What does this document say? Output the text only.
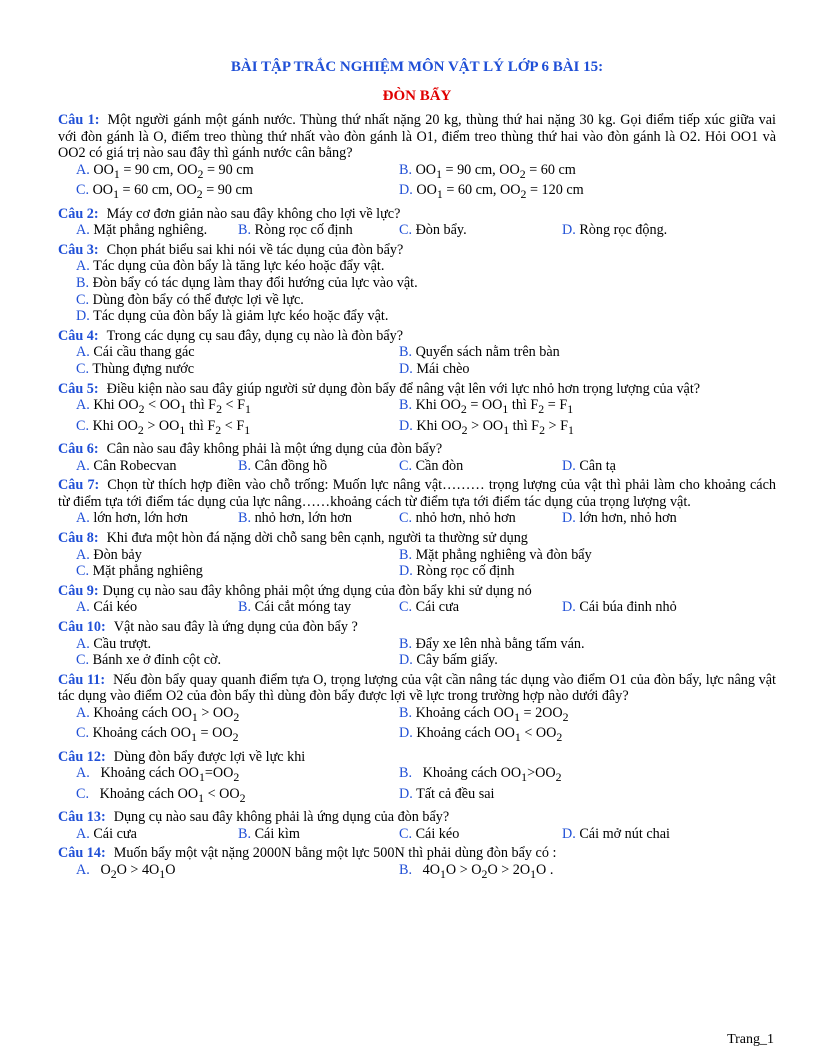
BÀI TẬP TRẮC NGHIỆM MÔN VẬT LÝ LỚP 6 BÀI 15:
ĐÒN BẨY
Câu 1: Một người gánh một gánh nước. Thùng thứ nhất nặng 20 kg, thùng thứ hai nặng 30 kg. Gọi điểm tiếp xúc giữa vai với đòn gánh là O, điểm treo thùng thứ nhất vào đòn gánh là O1, điểm treo thùng thứ hai vào đòn gánh là O2. Hỏi OO1 và OO2 có giá trị nào sau đây thì gánh nước cân bằng?
A. $OO_1 = 90$ cm, $OO_2 = 90$ cm	B. $OO_1 = 90$ cm, $OO_2 = 60$ cm
C. $OO_1 = 60$ cm, $OO_2 = 90$ cm	D. $OO_1 = 60$ cm, $OO_2 = 120$ cm
Câu 2: Máy cơ đơn giản nào sau đây không cho lợi về lực?
A. Mặt phẳng nghiêng.	B. Ròng rọc cố định	C. Đòn bẩy.	D. Ròng rọc động.
Câu 3: Chọn phát biểu sai khi nói về tác dụng của đòn bẩy?
A. Tác dụng của đòn bẩy là tăng lực kéo hoặc đẩy vật.
B. Đòn bẩy có tác dụng làm thay đổi hướng của lực vào vật.
C. Dùng đòn bẩy có thể được lợi về lực.
D. Tác dụng của đòn bẩy là giảm lực kéo hoặc đẩy vật.
Câu 4: Trong các dụng cụ sau đây, dụng cụ nào là đòn bẩy?
A. Cái cầu thang gác	B. Quyển sách nằm trên bàn
C. Thùng đựng nước	D. Mái chèo
Câu 5: Điều kiện nào sau đây giúp người sử dụng đòn bẩy để nâng vật lên với lực nhỏ hơn trọng lượng của vật?
A. Khi $OO_2 < OO_1$ thì $F_2 < F_1$	B. Khi $OO_2 = OO_1$ thì $F_2 = F_1$
C. Khi $OO_2 > OO_1$ thì $F_2 < F_1$	D. Khi $OO_2 > OO_1$ thì $F_2 > F_1$
Câu 6: Cân nào sau đây không phải là một ứng dụng của đòn bẩy?
A. Cân Robecvan	B. Cân đồng hồ	C. Cần đòn	D. Cân tạ
Câu 7: Chọn từ thích hợp điền vào chỗ trống: Muốn lực nâng vật……… trọng lượng của vật thì phải làm cho khoảng cách từ điểm tựa tới điểm tác dụng của lực nâng……khoảng cách từ điểm tựa tới điểm tác dụng của trọng lượng vật.
A. lớn hơn, lớn hơn	B. nhỏ hơn, lớn hơn	C. nhỏ hơn, nhỏ hơn	D. lớn hơn, nhỏ hơn
Câu 8: Khi đưa một hòn đá nặng dời chỗ sang bên cạnh, người ta thường sử dụng
A. Đòn bảy	B. Mặt phẳng nghiêng và đòn bẩy
C. Mặt phẳng nghiêng	D. Ròng rọc cố định
Câu 9: Dụng cụ nào sau đây không phải một ứng dụng của đòn bẩy khi sử dụng nó
A. Cái kéo	B. Cái cắt móng tay	C. Cái cưa	D. Cái búa đinh nhỏ
Câu 10: Vật nào sau đây là ứng dụng của đòn bẩy ?
A. Cầu trượt.	B. Đẩy xe lên nhà bằng tấm ván.
C. Bánh xe ở đỉnh cột cờ.	D. Cây bấm giấy.
Câu 11: Nếu đòn bẩy quay quanh điểm tựa O, trọng lượng của vật cần nâng tác dụng vào điểm O1 của đòn bẩy, lực nâng vật tác dụng vào điểm O2 của đòn bẩy thì dùng đòn bẩy được lợi về lực trong trường hợp nào dưới đây?
A. Khoảng cách $OO_1 > OO_2$	B. Khoảng cách $OO_1 = 2OO_2$
C. Khoảng cách $OO_1 = OO_2$	D. Khoảng cách $OO_1 < OO_2$
Câu 12: Dùng đòn bẩy được lợi về lực khi
A.   Khoảng cách $OO_1=OO_2$	B.   Khoảng cách $OO_1>OO_2$
C.   Khoảng cách $OO_1 < OO_2$	D. Tất cả đều sai
Câu 13: Dụng cụ nào sau đây không phải là ứng dụng của đòn bẩy?
A. Cái cưa	B. Cái kìm	C. Cái kéo	D. Cái mở nút chai
Câu 14: Muốn bẩy một vật nặng 2000N bằng một lực 500N thì phải dùng đòn bẩy có :
A.   $O_2O > 4O_1O$	B.   $4O_1O > O_2O > 2O_1O$ .
Trang_1
